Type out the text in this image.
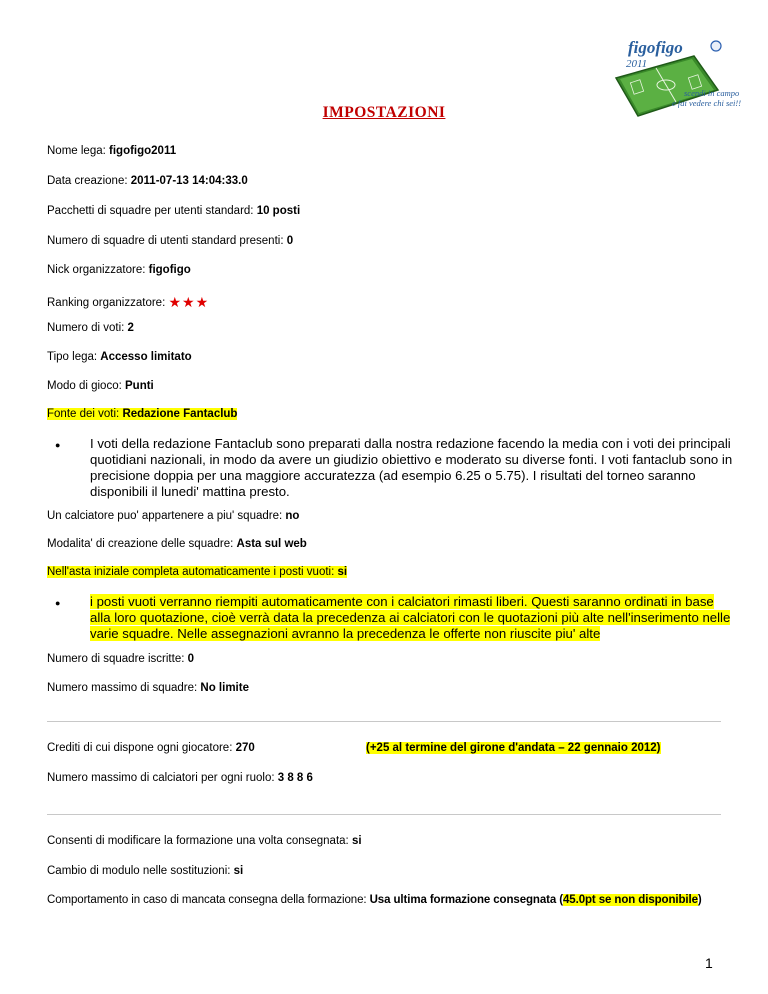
figofigo
2011
scendi in campo
e fai vedere chi sei!!
IMPOSTAZIONI
Nome lega: figofigo2011
Data creazione: 2011-07-13 14:04:33.0
Pacchetti di squadre per utenti standard: 10 posti
Numero di squadre di utenti standard presenti: 0
Nick organizzatore: figofigo
Ranking organizzatore: ★★★
Numero di voti: 2
Tipo lega: Accesso limitato
Modo di gioco: Punti
Fonte dei voti: Redazione Fantaclub
●	I voti della redazione Fantaclub sono preparati dalla nostra redazione facendo la media con i voti dei principali quotidiani nazionali, in modo da avere un giudizio obiettivo e moderato su diverse fonti. I voti fantaclub sono in precisione doppia per una maggiore accuratezza (ad esempio 6.25 o 5.75). I risultati del torneo saranno disponibili il lunedi' mattina presto.
Un calciatore puo' appartenere a piu' squadre: no
Modalita' di creazione delle squadre: Asta sul web
Nell'asta iniziale completa automaticamente i posti vuoti: si
●	i posti vuoti verranno riempiti automaticamente con i calciatori rimasti liberi. Questi saranno ordinati in base alla loro quotazione, cioè verrà data la precedenza ai calciatori con le quotazioni più alte nell'inserimento nelle varie squadre. Nelle assegnazioni avranno la precedenza le offerte non riuscite piu' alte
Numero di squadre iscritte: 0
Numero massimo di squadre: No limite
Crediti di cui dispone ogni giocatore: 270	(+25 al termine del girone d'andata – 22 gennaio 2012)
Numero massimo di calciatori per ogni ruolo: 3 8 8 6
Consenti di modificare la formazione una volta consegnata: si
Cambio di modulo nelle sostituzioni: si
Comportamento in caso di mancata consegna della formazione: Usa ultima formazione consegnata (45.0pt se non disponibile)
1
